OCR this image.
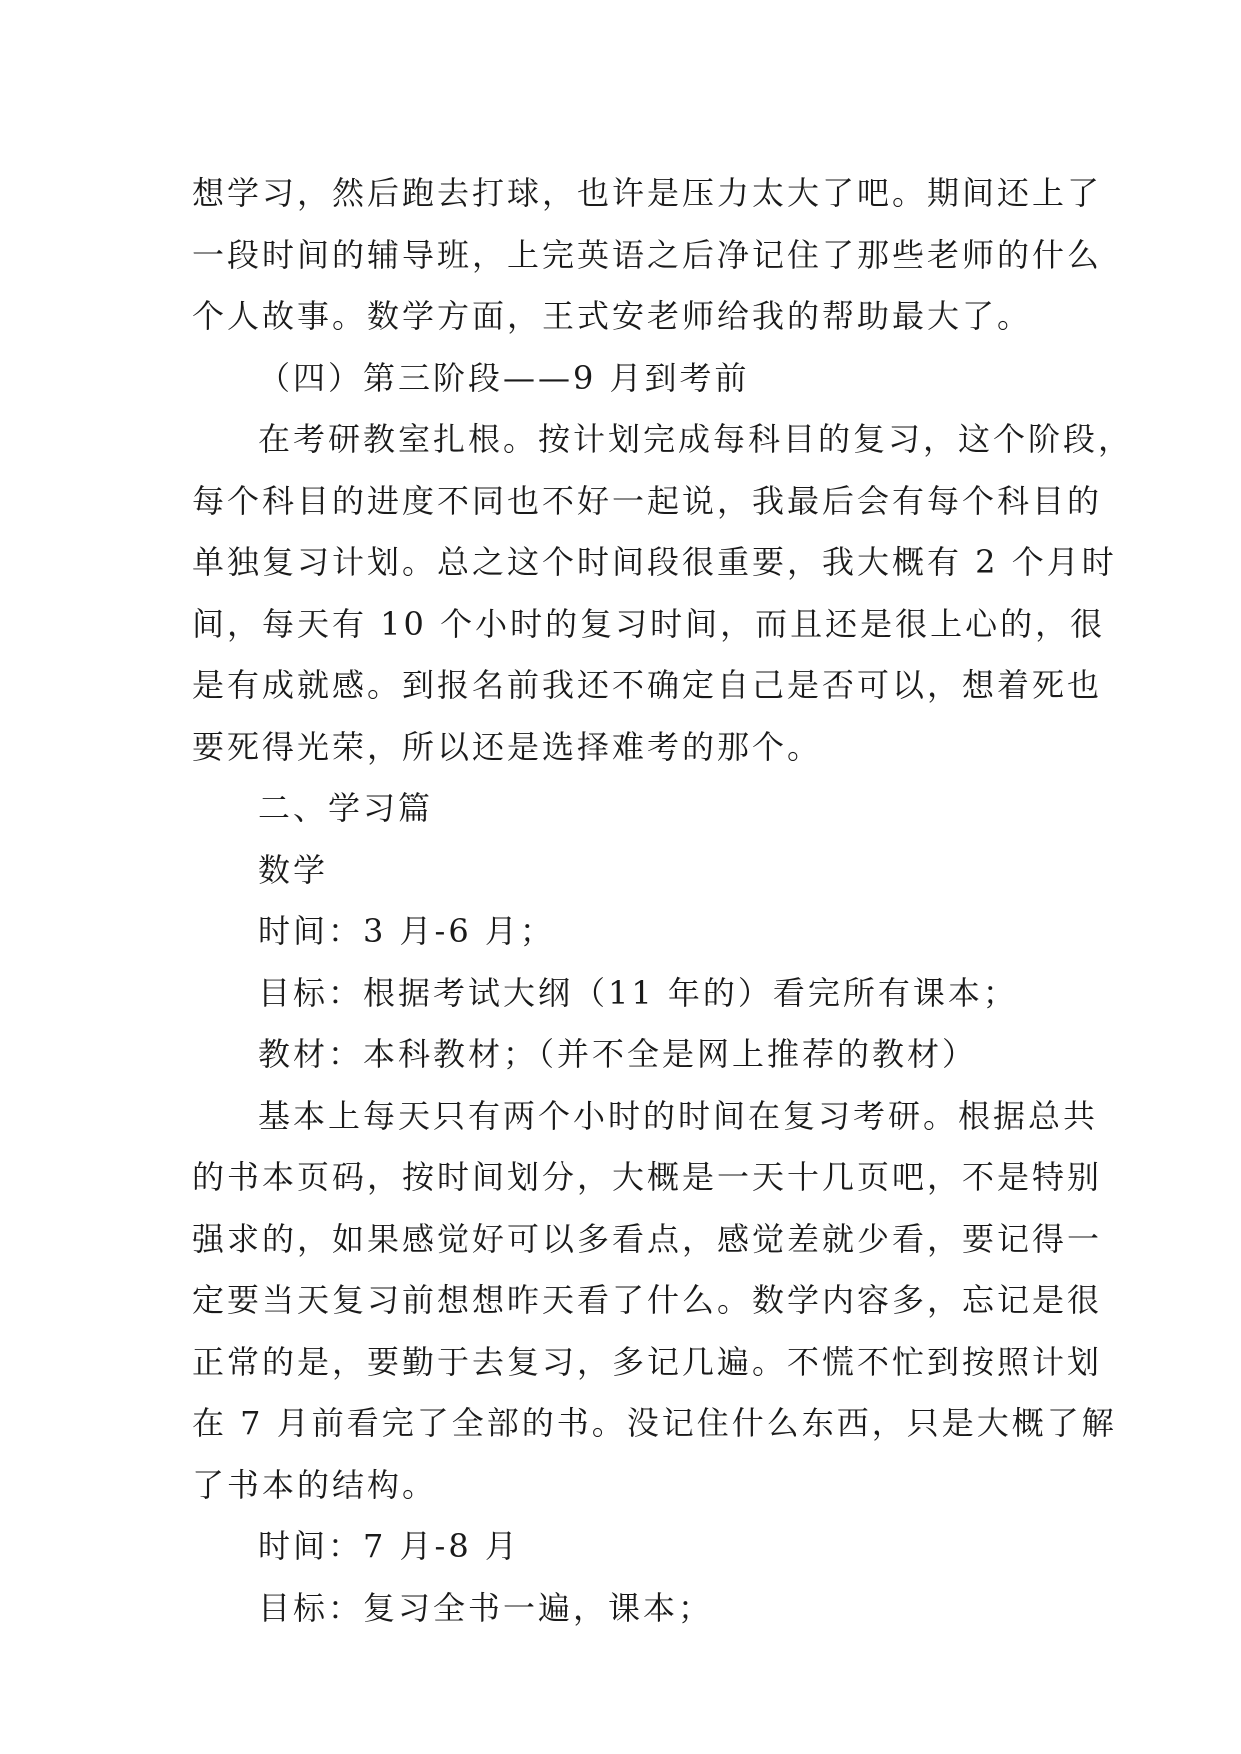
想学习，然后跑去打球，也许是压力太大了吧。期间还上了
一段时间的辅导班，上完英语之后净记住了那些老师的什么
个人故事。数学方面，王式安老师给我的帮助最大了。
（四）第三阶段——9 月到考前
在考研教室扎根。按计划完成每科目的复习，这个阶段，
每个科目的进度不同也不好一起说，我最后会有每个科目的
单独复习计划。总之这个时间段很重要，我大概有 2 个月时
间，每天有 10 个小时的复习时间，而且还是很上心的，很
是有成就感。到报名前我还不确定自己是否可以，想着死也
要死得光荣，所以还是选择难考的那个。
二、学习篇
数学
时间：3 月-6 月；
目标：根据考试大纲（11 年的）看完所有课本；
教材：本科教材；（并不全是网上推荐的教材）
基本上每天只有两个小时的时间在复习考研。根据总共
的书本页码，按时间划分，大概是一天十几页吧，不是特别
强求的，如果感觉好可以多看点，感觉差就少看，要记得一
定要当天复习前想想昨天看了什么。数学内容多，忘记是很
正常的是，要勤于去复习，多记几遍。不慌不忙到按照计划
在 7 月前看完了全部的书。没记住什么东西，只是大概了解
了书本的结构。
时间：7 月-8 月
目标：复习全书一遍，课本；
